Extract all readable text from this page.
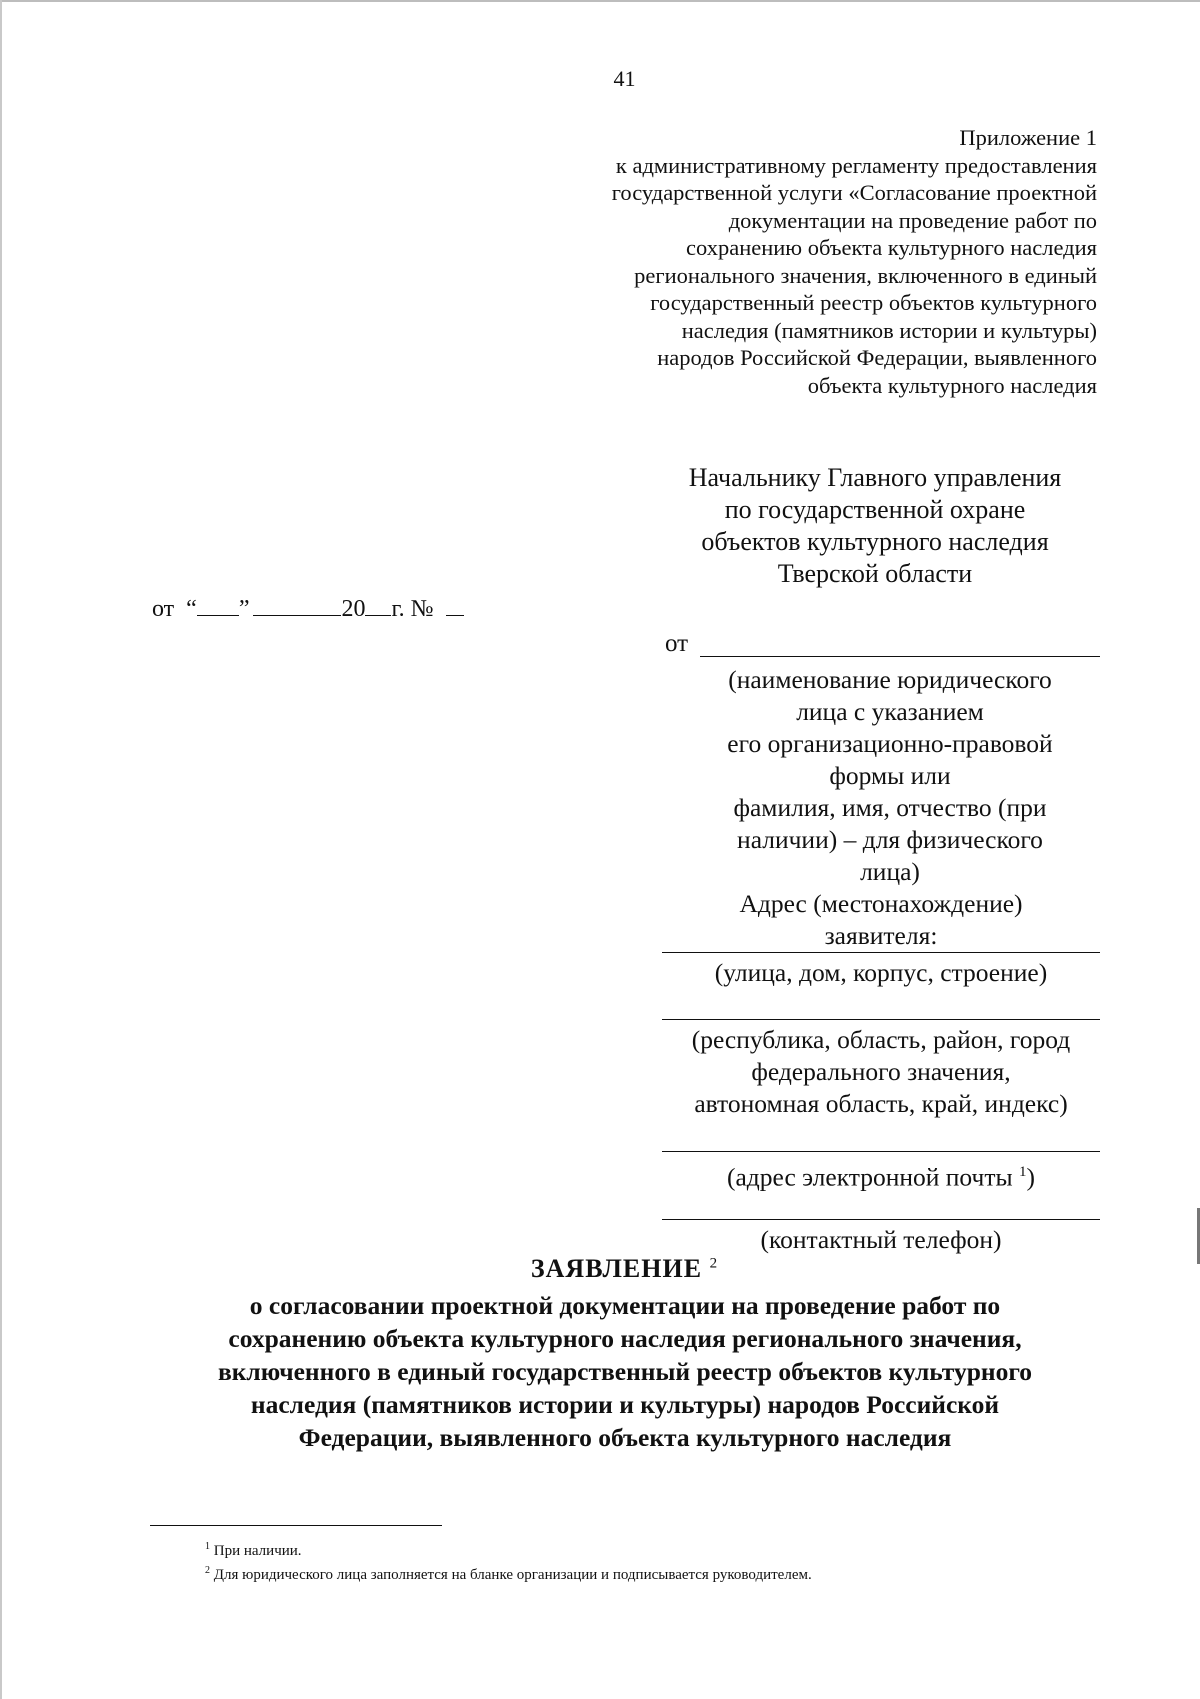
41
Приложение 1
к административному регламенту предоставления
государственной услуги «Согласование проектной
документации на проведение работ по
сохранению объекта культурного наследия
регионального значения, включенного в единый
государственный реестр объектов культурного
наследия (памятников истории и культуры)
народов Российской Федерации, выявленного
объекта культурного наследия
Начальнику Главного управления
по государственной охране
объектов культурного наследия
Тверской области
от “ ”	20 г. №
от
(наименование юридического
лица с указанием
его организационно-правовой
формы или
фамилия, имя, отчество (при
наличии) – для физического
лица)
Адрес (местонахождение)
заявителя:
(улица, дом, корпус, строение)
(республика, область, район, город
федерального значения,
автономная область, край, индекс)
(адрес электронной почты $^1$)
(контактный телефон)
ЗАЯВЛЕНИЕ $^2$
о согласовании проектной документации на проведение работ по
сохранению объекта культурного наследия регионального значения,
включенного в единый государственный реестр объектов культурного
наследия (памятников истории и культуры) народов Российской
Федерации, выявленного объекта культурного наследия
$^1$ При наличии.
$^2$ Для юридического лица заполняется на бланке организации и подписывается руководителем.
